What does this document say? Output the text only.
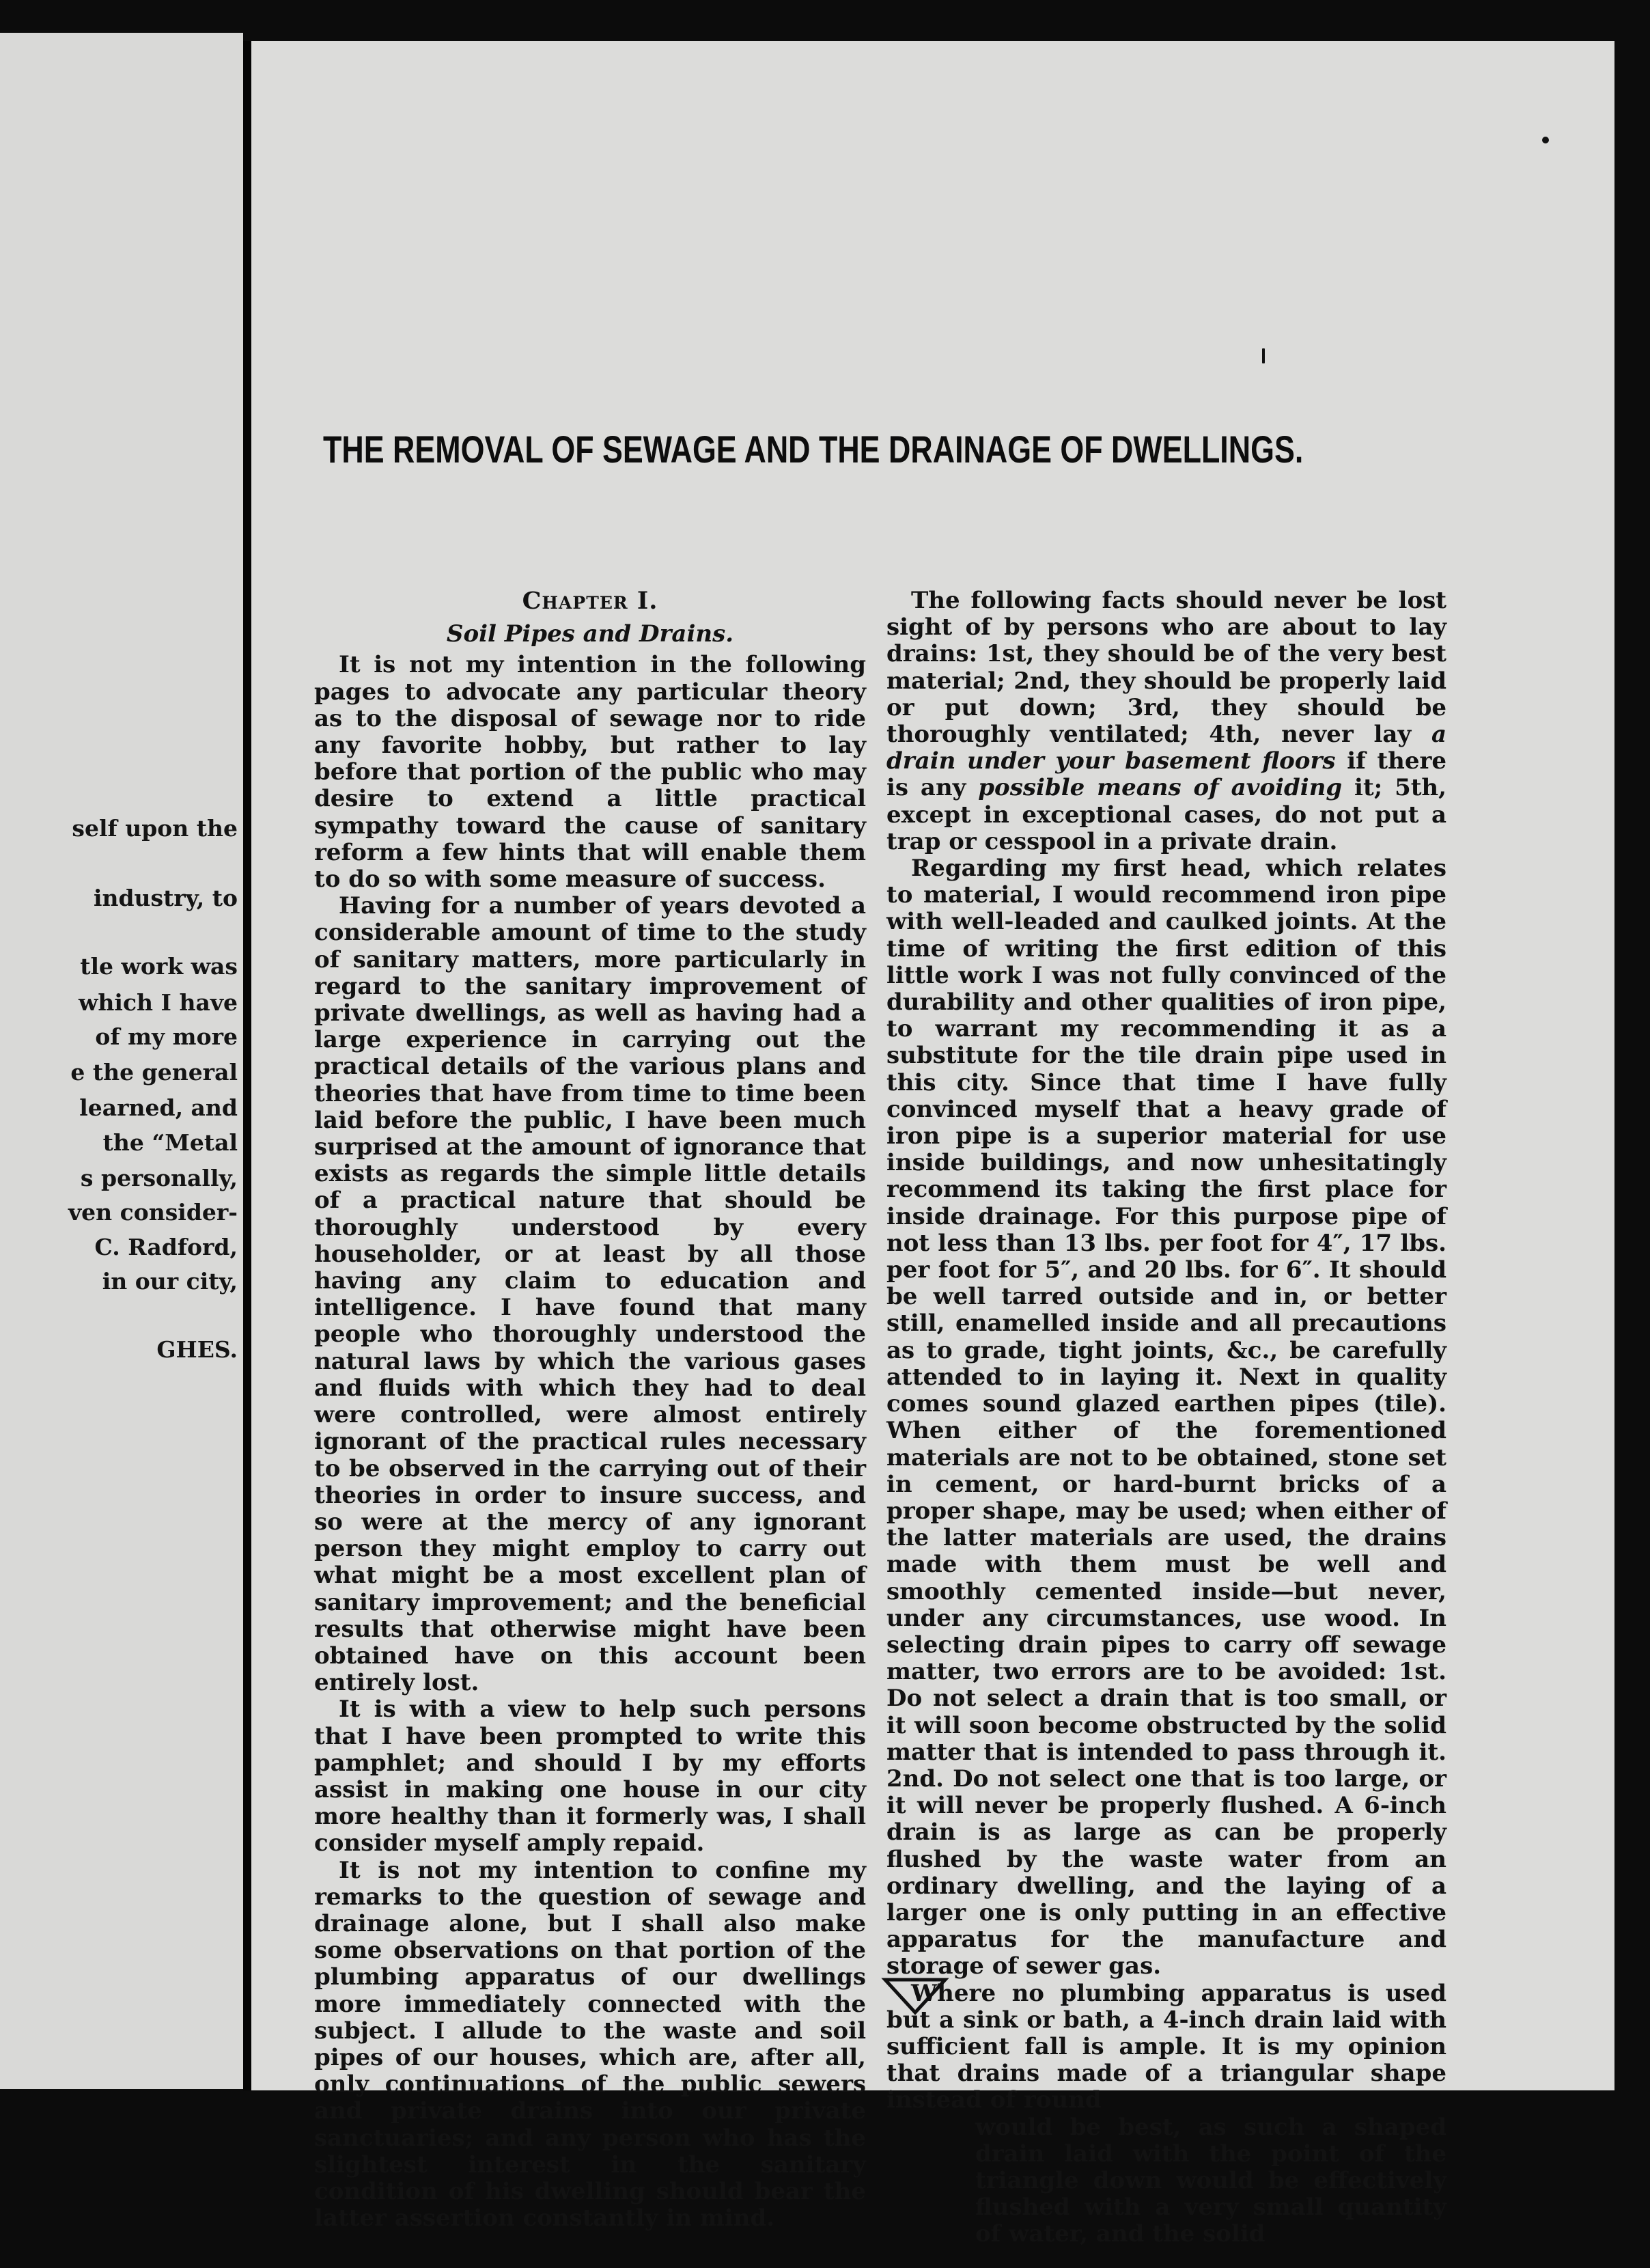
self upon the
industry, to
tle work was
which I have
of my more
e the general
learned, and
the “Metal
s personally,
ven consider-
C. Radford,
in our city,
GHES.
THE REMOVAL OF SEWAGE AND THE DRAINAGE OF DWELLINGS.
Chapter I.
Soil Pipes and Drains.

It is not my intention in the following pages to advocate any particular theory as to the disposal of sewage nor to ride any favorite hobby, but rather to lay before that portion of the public who may desire to extend a little practical sympathy toward the cause of sanitary reform a few hints that will enable them to do so with some measure of success.

Having for a number of years devoted a considerable amount of time to the study of sanitary matters, more particularly in regard to the sanitary improvement of private dwellings, as well as having had a large experience in carrying out the practical details of the various plans and theories that have from time to time been laid before the public, I have been much surprised at the amount of ignorance that exists as regards the simple little details of a practical nature that should be thoroughly understood by every householder, or at least by all those having any claim to education and intelligence. I have found that many people who thoroughly understood the natural laws by which the various gases and fluids with which they had to deal were controlled, were almost entirely ignorant of the practical rules necessary to be observed in the carrying out of their theories in order to insure success, and so were at the mercy of any ignorant person they might employ to carry out what might be a most excellent plan of sanitary improvement; and the beneficial results that otherwise might have been obtained have on this account been entirely lost.

It is with a view to help such persons that I have been prompted to write this pamphlet; and should I by my efforts assist in making one house in our city more healthy than it formerly was, I shall consider myself amply repaid.

It is not my intention to confine my remarks to the question of sewage and drainage alone, but I shall also make some observations on that portion of the plumbing apparatus of our dwellings more immediately connected with the subject. I allude to the waste and soil pipes of our houses, which are, after all, only continuations of the public sewers and private drains into our private sanctuaries; and any person who has the slightest interest in the sanitary condition of his dwelling should bear the latter assertion constantly in mind.

The following facts should never be lost sight of by persons who are about to lay drains: 1st, they should be of the very best material; 2nd, they should be properly laid or put down; 3rd, they should be thoroughly ventilated; 4th, never lay a drain under your basement floors if there is any possible means of avoiding it; 5th, except in exceptional cases, do not put a trap or cesspool in a private drain.

Regarding my first head, which relates to material, I would recommend iron pipe with well-leaded and caulked joints. At the time of writing the first edition of this little work I was not fully convinced of the durability and other qualities of iron pipe, to warrant my recommending it as a substitute for the tile drain pipe used in this city. Since that time I have fully convinced myself that a heavy grade of iron pipe is a superior material for use inside buildings, and now unhesitatingly recommend its taking the first place for inside drainage. For this purpose pipe of not less than 13 lbs. per foot for 4″, 17 lbs. per foot for 5″, and 20 lbs. for 6″. It should be well tarred outside and in, or better still, enamelled inside and all precautions as to grade, tight joints, &c., be carefully attended to in laying it. Next in quality comes sound glazed earthen pipes (tile). When either of the forementioned materials are not to be obtained, stone set in cement, or hard-burnt bricks of a proper shape, may be used; when either of the latter materials are used, the drains made with them must be well and smoothly cemented inside—but never, under any circumstances, use wood. In selecting drain pipes to carry off sewage matter, two errors are to be avoided: 1st. Do not select a drain that is too small, or it will soon become obstructed by the solid matter that is intended to pass through it. 2nd. Do not select one that is too large, or it will never be properly flushed. A 6-inch drain is as large as can be properly flushed by the waste water from an ordinary dwelling, and the laying of a larger one is only putting in an effective apparatus for the manufacture and storage of sewer gas.

Where no plumbing apparatus is used but a sink or bath, a 4-inch drain laid with sufficient fall is ample. It is my opinion that drains made of a triangular shape instead of round

would be best, as such a shaped drain laid with the point of the triangle down would be effectively flushed with a very small quantity of water, and the solid
